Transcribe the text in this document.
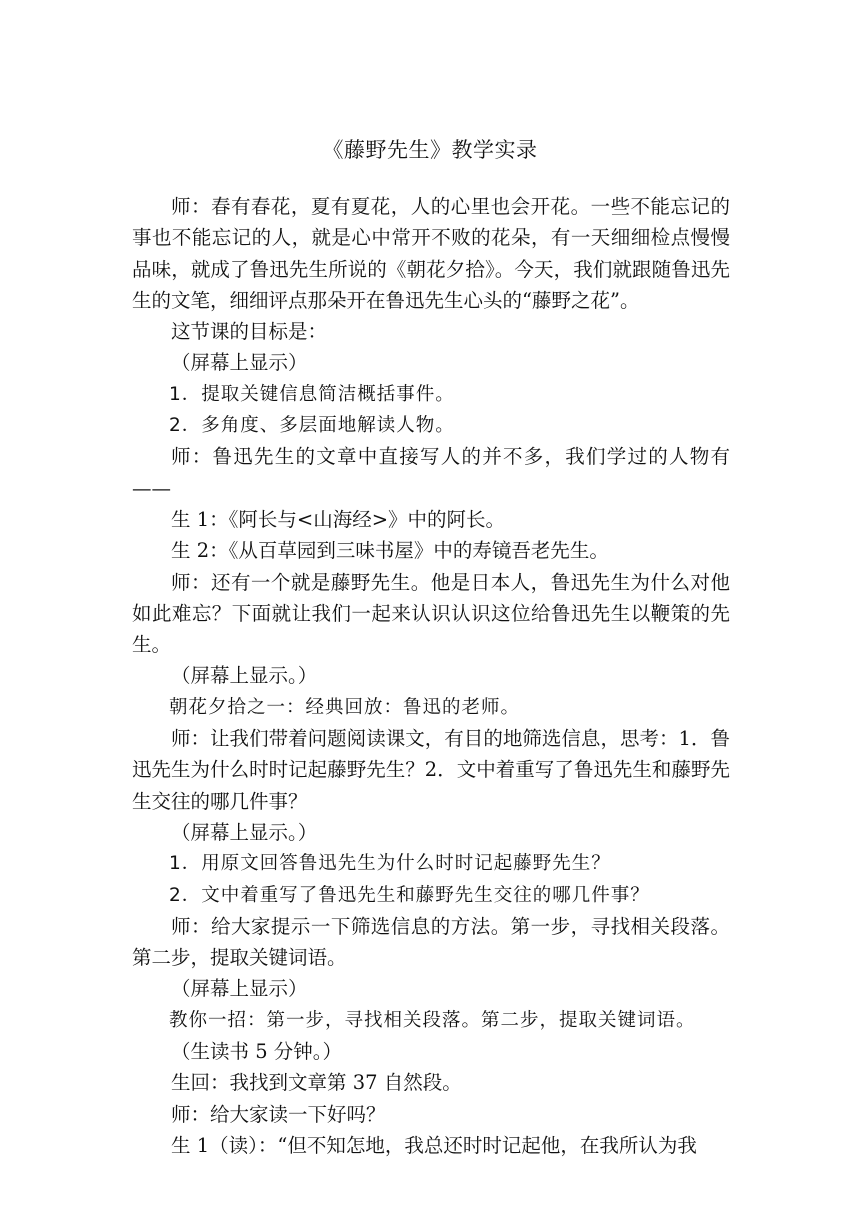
《藤野先生》教学实录

师：春有春花，夏有夏花，人的心里也会开花。一些不能忘记的事也不能忘记的人，就是心中常开不败的花朵，有一天细细检点慢慢品味，就成了鲁迅先生所说的《朝花夕拾》。今天，我们就跟随鲁迅先生的文笔，细细评点那朵开在鲁迅先生心头的“藤野之花”。

这节课的目标是：

（屏幕上显示）

1．提取关键信息简洁概括事件。

2．多角度、多层面地解读人物。

师：鲁迅先生的文章中直接写人的并不多，我们学过的人物有——

生 1：《阿长与<山海经>》中的阿长。

生 2：《从百草园到三味书屋》中的寿镜吾老先生。

师：还有一个就是藤野先生。他是日本人，鲁迅先生为什么对他如此难忘？下面就让我们一起来认识认识这位给鲁迅先生以鞭策的先生。

（屏幕上显示。）

朝花夕拾之一：经典回放：鲁迅的老师。

师：让我们带着问题阅读课文，有目的地筛选信息，思考：1．鲁迅先生为什么时时记起藤野先生？2．文中着重写了鲁迅先生和藤野先生交往的哪几件事？

（屏幕上显示。）

1．用原文回答鲁迅先生为什么时时记起藤野先生？

2．文中着重写了鲁迅先生和藤野先生交往的哪几件事？

师：给大家提示一下筛选信息的方法。第一步，寻找相关段落。第二步，提取关键词语。

（屏幕上显示）

教你一招：第一步，寻找相关段落。第二步，提取关键词语。

（生读书 5 分钟。）

生回：我找到文章第 37 自然段。

师：给大家读一下好吗？

生 1（读）：“但不知怎地，我总还时时记起他，在我所认为我
